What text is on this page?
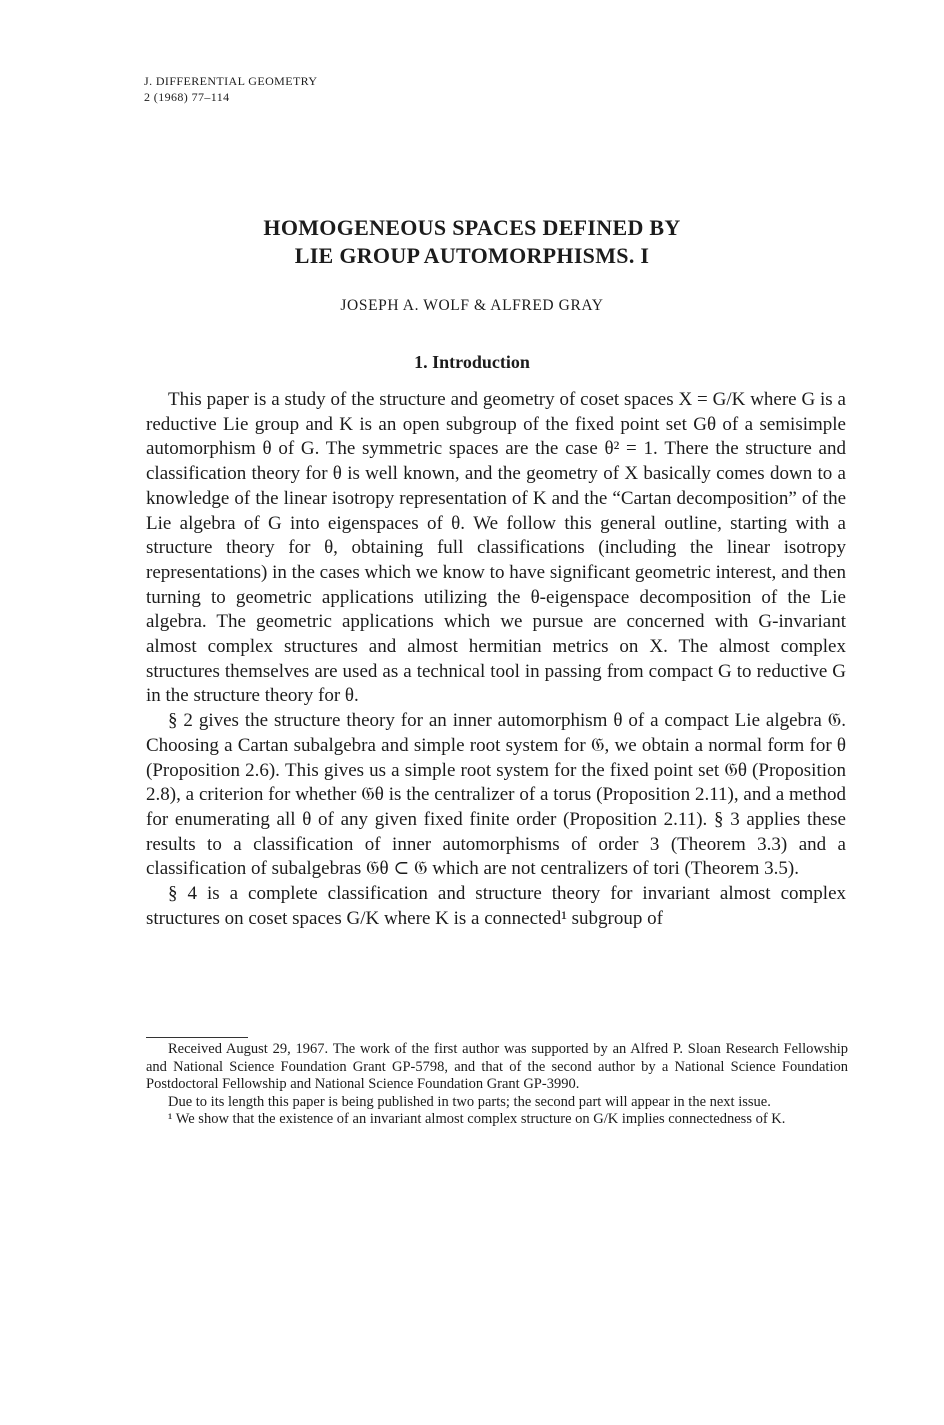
J. DIFFERENTIAL GEOMETRY
2 (1968) 77–114
HOMOGENEOUS SPACES DEFINED BY
LIE GROUP AUTOMORPHISMS. I
JOSEPH A. WOLF & ALFRED GRAY
1. Introduction

This paper is a study of the structure and geometry of coset spaces X = G/K where G is a reductive Lie group and K is an open subgroup of the fixed point set Gθ of a semisimple automorphism θ of G. The symmetric spaces are the case θ² = 1. There the structure and classification theory for θ is well known, and the geometry of X basically comes down to a knowledge of the linear isotropy representation of K and the “Cartan decomposition” of the Lie algebra of G into eigenspaces of θ. We follow this general outline, starting with a structure theory for θ, obtaining full classifications (including the linear isotropy representations) in the cases which we know to have significant geometric interest, and then turning to geometric applications utilizing the θ-eigenspace decomposition of the Lie algebra. The geometric applications which we pursue are concerned with G-invariant almost complex structures and almost hermitian metrics on X. The almost complex structures themselves are used as a technical tool in passing from compact G to reductive G in the structure theory for θ.

§ 2 gives the structure theory for an inner automorphism θ of a compact Lie algebra 𝔊. Choosing a Cartan subalgebra and simple root system for 𝔊, we obtain a normal form for θ (Proposition 2.6). This gives us a simple root system for the fixed point set 𝔊θ (Proposition 2.8), a criterion for whether 𝔊θ is the centralizer of a torus (Proposition 2.11), and a method for enumerating all θ of any given fixed finite order (Proposition 2.11). § 3 applies these results to a classification of inner automorphisms of order 3 (Theorem 3.3) and a classification of subalgebras 𝔊θ ⊂ 𝔊 which are not centralizers of tori (Theorem 3.5).

§ 4 is a complete classification and structure theory for invariant almost complex structures on coset spaces G/K where K is a connected¹ subgroup of

Received August 29, 1967. The work of the first author was supported by an Alfred P. Sloan Research Fellowship and National Science Foundation Grant GP-5798, and that of the second author by a National Science Foundation Postdoctoral Fellowship and National Science Foundation Grant GP-3990.

Due to its length this paper is being published in two parts; the second part will appear in the next issue.

¹ We show that the existence of an invariant almost complex structure on G/K implies connectedness of K.
